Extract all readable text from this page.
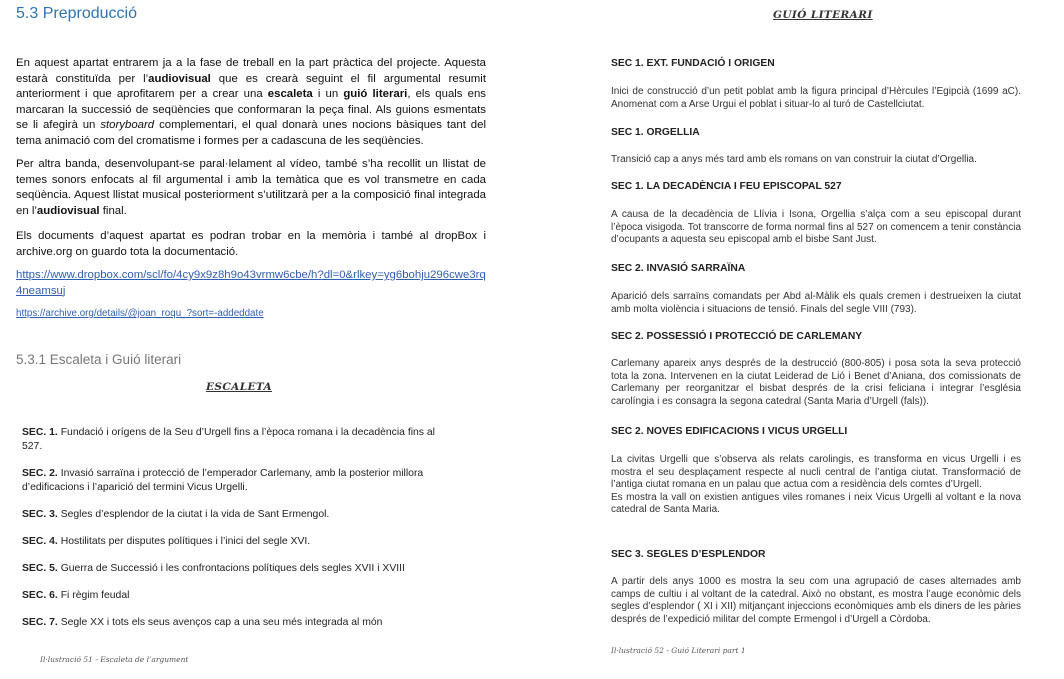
5.3 Preproducció

En aquest apartat entrarem ja a la fase de treball en la part pràctica del projecte. Aquesta estarà constituïda per l’audiovisual que es crearà seguint el fil argumental resumit anteriorment i que aprofitarem per a crear una escaleta i un guió literari, els quals ens marcaran la successió de seqüències que conformaran la peça final. Als guions esmentats se li afegirà un storyboard complementari, el qual donarà unes nocions bàsiques tant del tema animació com del cromatisme i formes per a cadascuna de les seqüències.

Per altra banda, desenvolupant-se paral·lelament al vídeo, també s’ha recollit un llistat de temes sonors enfocats al fil argumental i amb la temàtica que es vol transmetre en cada seqüència. Aquest llistat musical posteriorment s’utilitzarà per a la composició final integrada en l’audiovisual final.

Els documents d’aquest apartat es podran trobar en la memòria i també al dropBox i archive.org on guardo tota la documentació.

https://www.dropbox.com/scl/fo/4cy9x9z8h9o43vrmw6cbe/h?dl=0&rlkey=yg6bohju296cwe3rq4neamsuj
https://archive.org/details/@joan_roqu_?sort=-addeddate
5.3.1 Escaleta i Guió literari

ESCALETA

SEC. 1. Fundació i orígens de la Seu d’Urgell fins a l’època romana i la decadència fins al 527.
SEC. 2. Invasió sarraïna i protecció de l’emperador Carlemany, amb la posterior millora d’edificacions i l’aparició del termini Vicus Urgelli.
SEC. 3. Segles d’esplendor de la ciutat i la vida de Sant Ermengol.
SEC. 4. Hostilitats per disputes polítiques i l’inici del segle XVI.
SEC. 5. Guerra de Successió i les confrontacions polítiques dels segles XVII i XVIII
SEC. 6. Fi règim feudal
SEC. 7. Segle XX i tots els seus avenços cap a una seu més integrada al món

Il·lustració 51 - Escaleta de l’argument

GUIÓ LITERARI

Il·lustració 52 - Guió Literari part 1

SEC 1. EXT. FUNDACIÓ I ORIGEN

Inici de construcció d’un petit poblat amb la figura principal d’Hèrcules l’Egipcià (1699 aC). Anomenat com a Arse Urgui el poblat i situar-lo al turó de Castellciutat.

SEC 1. ORGELLIA

Transició cap a anys més tard amb els romans on van construir la ciutat d’Orgellia.

SEC 1. LA DECADÈNCIA I FEU EPISCOPAL 527

A causa de la decadència de Llívia i Isona, Orgellia s’alça com a seu episcopal durant l’època visigoda. Tot transcorre de forma normal fins al 527 on comencem a tenir constància d’ocupants a aquesta seu episcopal amb el bisbe Sant Just.

SEC 2. INVASIÓ SARRAÏNA

Aparició dels sarraïns comandats per Abd al-Màlik els quals cremen i destrueixen la ciutat amb molta violència i situacions de tensió. Finals del segle VIII (793).

SEC 2. POSSESSIÓ I PROTECCIÓ DE CARLEMANY

Carlemany apareix anys després de la destrucció (800-805) i posa sota la seva protecció tota la zona. Intervenen en la ciutat Leiderad de Lió i Benet d’Aniana, dos comissionats de Carlemany per reorganitzar el bisbat després de la crisi feliciana i integrar l’església carolíngia i es consagra la segona catedral (Santa Maria d’Urgell (fals)).

SEC 2. NOVES EDIFICACIONS I VICUS URGELLI

La civitas Urgelli que s’observa als relats carolingis, es transforma en vicus Urgelli i es mostra el seu desplaçament respecte al nucli central de l’antiga ciutat. Transformació de l’antiga ciutat romana en un palau que actua com a residència dels comtes d’Urgell.
Es mostra la vall on existien antigues viles romanes i neix Vicus Urgelli al voltant e la nova catedral de Santa Maria.

SEC 3. SEGLES D’ESPLENDOR

A partir dels anys 1000 es mostra la seu com una agrupació de cases alternades amb camps de cultiu i al voltant de la catedral. Això no obstant, es mostra l’auge econòmic dels segles d’esplendor ( XI i XII) mitjançant injeccions econòmiques amb els diners de les pàries després de l’expedició militar del compte Ermengol i d’Urgell a Còrdoba.
